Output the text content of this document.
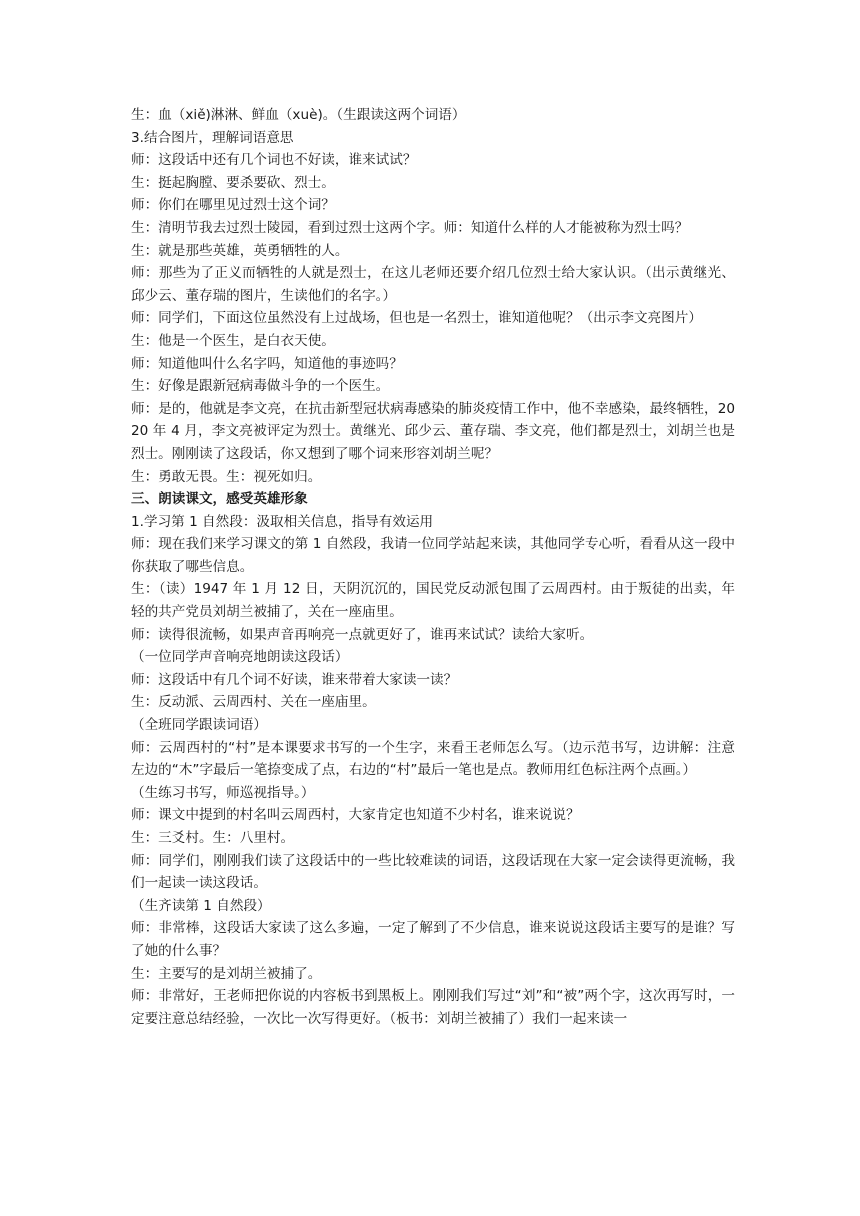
生：血（xiě)淋淋、鲜血（xuè)。（生跟读这两个词语）

3.结合图片，理解词语意思

师：这段话中还有几个词也不好读，谁来试试？

生：挺起胸膛、要杀要砍、烈士。

师：你们在哪里见过烈士这个词？

生：清明节我去过烈士陵园，看到过烈士这两个字。师：知道什么样的人才能被称为烈士吗？

生：就是那些英雄，英勇牺牲的人。

师：那些为了正义而牺牲的人就是烈士，在这儿老师还要介绍几位烈士给大家认识。（出示黄继光、邱少云、董存瑞的图片，生读他们的名字。）

师：同学们，下面这位虽然没有上过战场，但也是一名烈士，谁知道他呢？（出示李文亮图片）

生：他是一个医生，是白衣天使。

师：知道他叫什么名字吗，知道他的事迹吗？

生：好像是跟新冠病毒做斗争的一个医生。

师：是的，他就是李文亮，在抗击新型冠状病毒感染的肺炎疫情工作中，他不幸感染，最终牺牲，2020 年 4 月，李文亮被评定为烈士。黄继光、邱少云、董存瑞、李文亮，他们都是烈士，刘胡兰也是烈士。刚刚读了这段话，你又想到了哪个词来形容刘胡兰呢？

生：勇敢无畏。生：视死如归。

三、朗读课文，感受英雄形象

1.学习第 1 自然段：汲取相关信息，指导有效运用

师：现在我们来学习课文的第 1 自然段，我请一位同学站起来读，其他同学专心听，看看从这一段中你获取了哪些信息。

生：（读）1947 年 1 月 12 日，天阴沉沉的，国民党反动派包围了云周西村。由于叛徒的出卖，年轻的共产党员刘胡兰被捕了，关在一座庙里。

师：读得很流畅，如果声音再响亮一点就更好了，谁再来试试？读给大家听。

（一位同学声音响亮地朗读这段话）

师：这段话中有几个词不好读，谁来带着大家读一读？

生：反动派、云周西村、关在一座庙里。

（全班同学跟读词语）

师：云周西村的“村”是本课要求书写的一个生字，来看王老师怎么写。（边示范书写，边讲解：注意左边的“木”字最后一笔捺变成了点，右边的“村”最后一笔也是点。教师用红色标注两个点画。）

（生练习书写，师巡视指导。）

师：课文中提到的村名叫云周西村，大家肯定也知道不少村名，谁来说说？

生：三爻村。生：八里村。

师：同学们，刚刚我们读了这段话中的一些比较难读的词语，这段话现在大家一定会读得更流畅，我们一起读一读这段话。

（生齐读第 1 自然段）

师：非常棒，这段话大家读了这么多遍，一定了解到了不少信息，谁来说说这段话主要写的是谁？写了她的什么事？

生：主要写的是刘胡兰被捕了。

师：非常好，王老师把你说的内容板书到黑板上。刚刚我们写过“刘”和“被”两个字，这次再写时，一定要注意总结经验，一次比一次写得更好。（板书：刘胡兰被捕了）我们一起来读一
